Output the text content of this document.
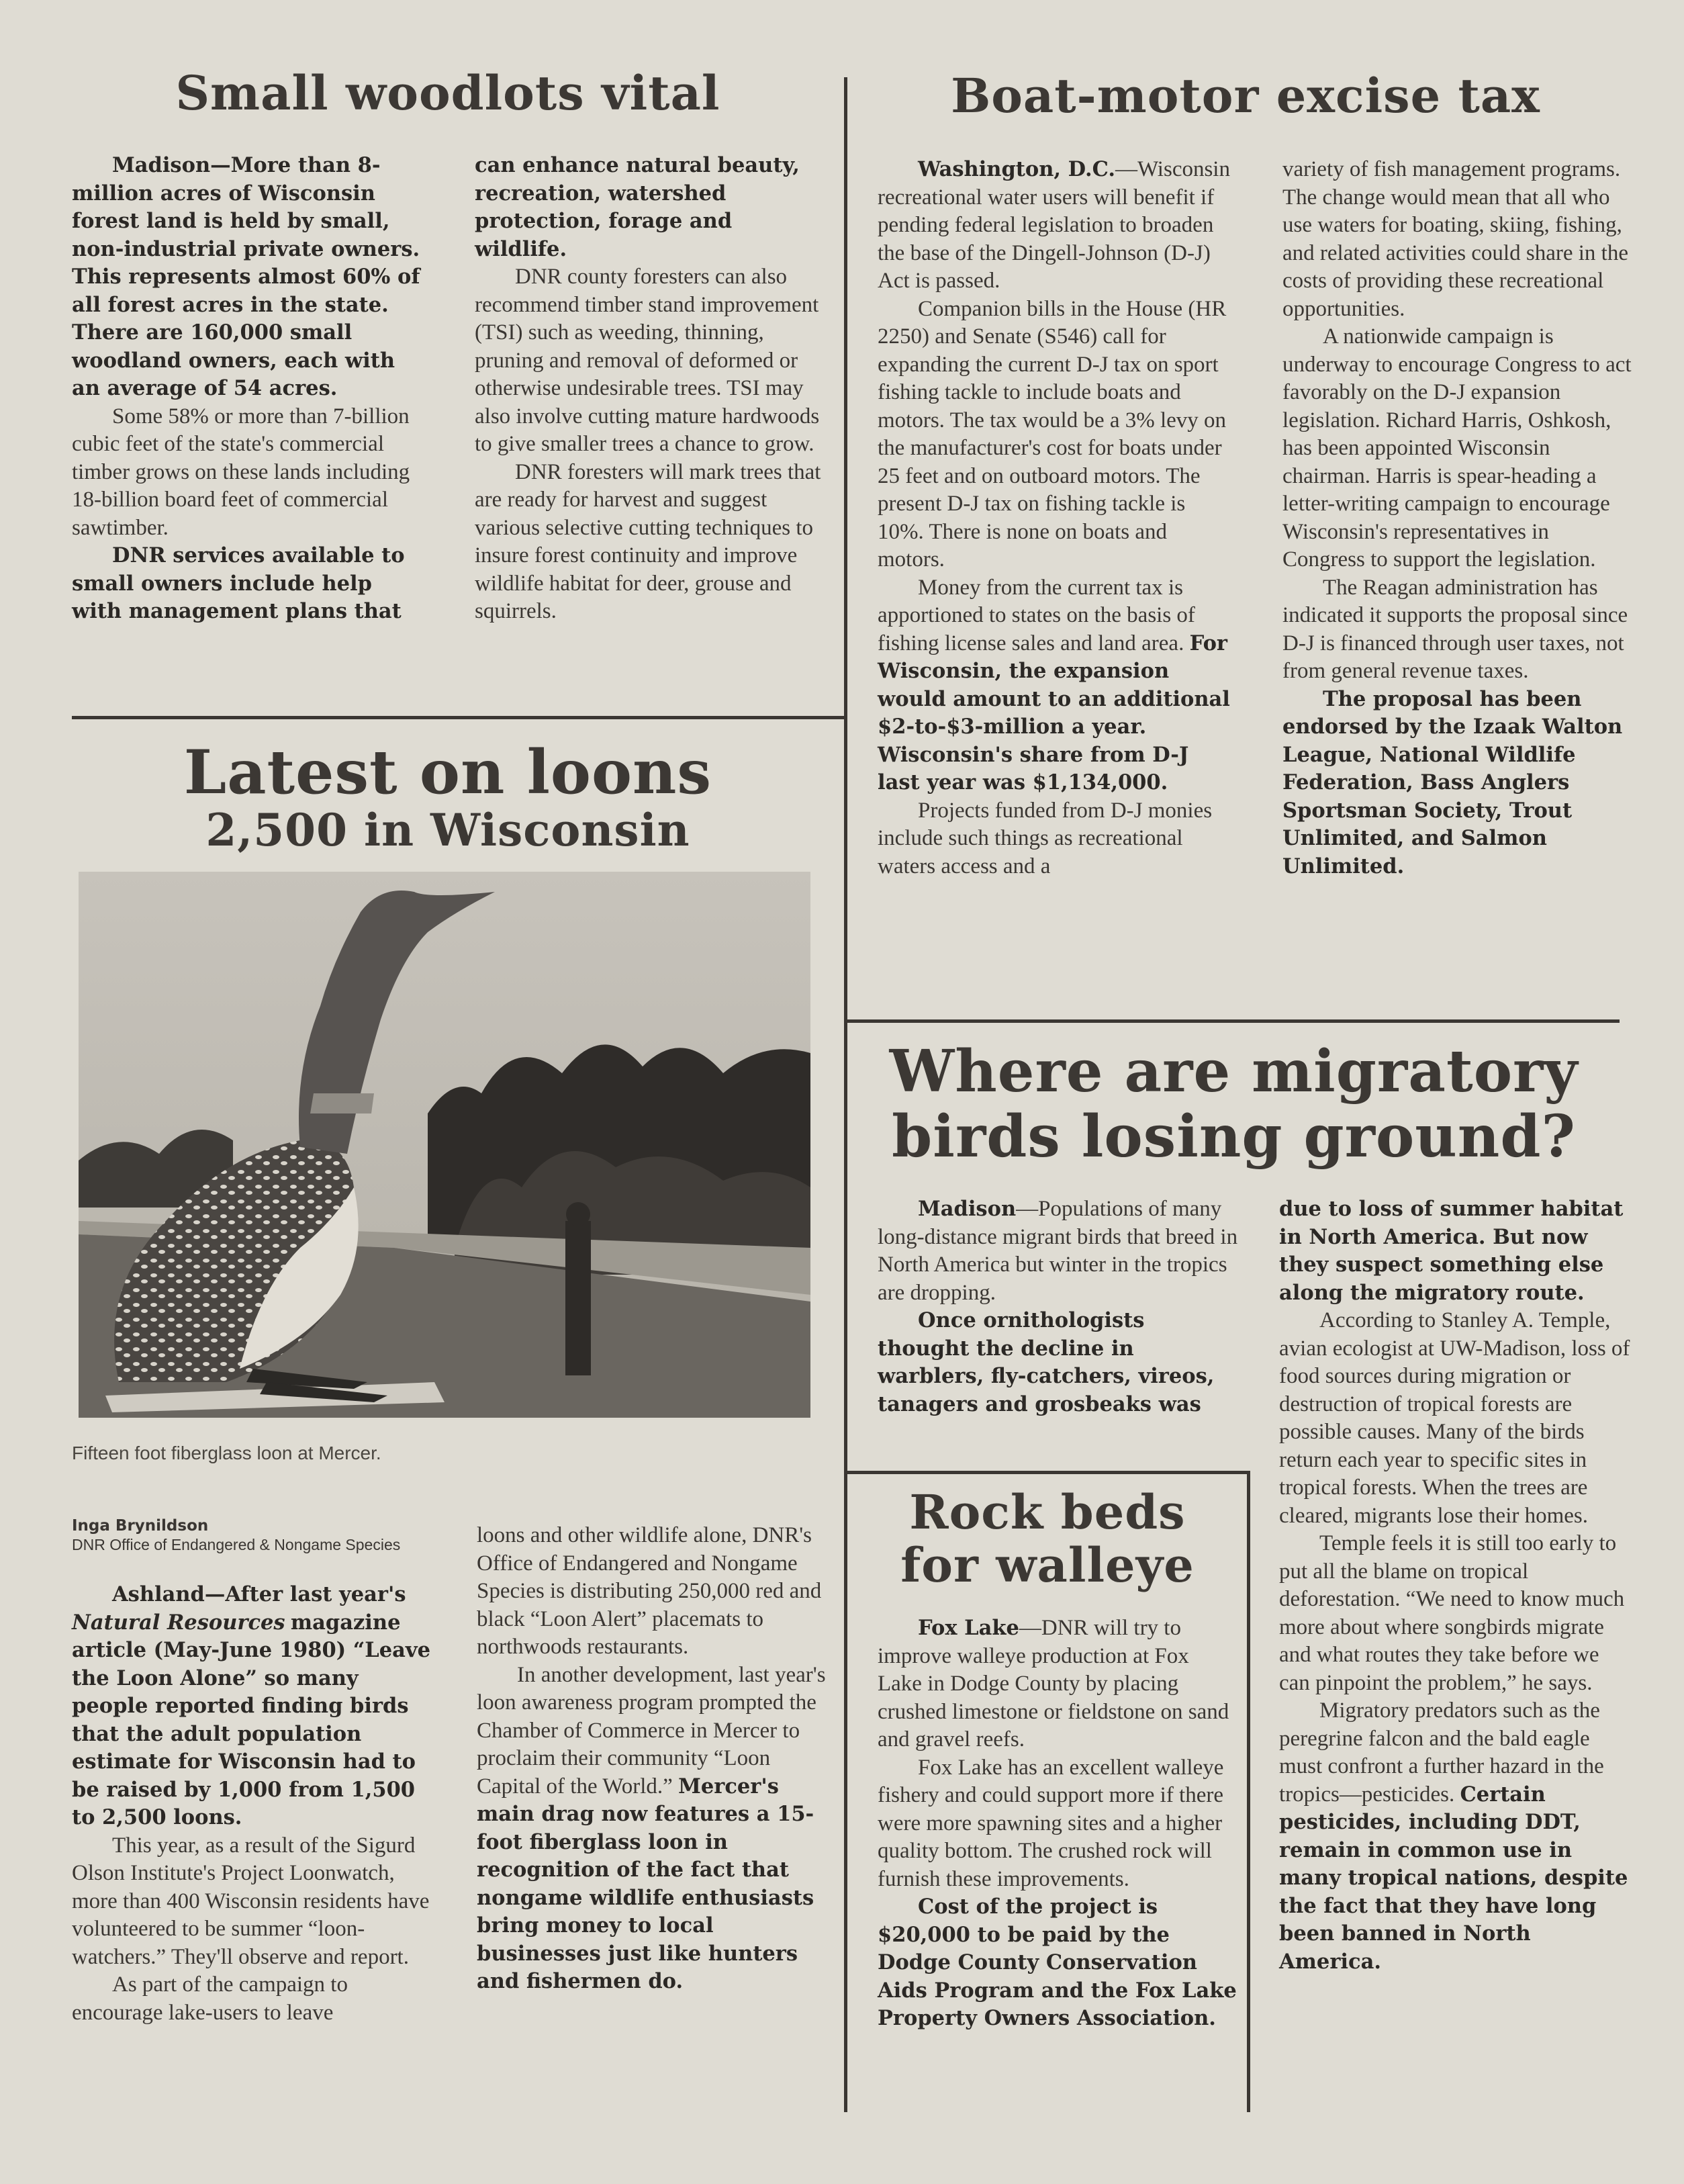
Small woodlots vital

Madison—More than 8-million acres of Wisconsin forest land is held by small, non-industrial private owners. This represents almost 60% of all forest acres in the state. There are 160,000 small woodland owners, each with an average of 54 acres.

Some 58% or more than 7-billion cubic feet of the state's commercial timber grows on these lands including 18-billion board feet of commercial sawtimber.

DNR services available to small owners include help with management plans that

can enhance natural beauty, recreation, watershed protection, forage and wildlife.

DNR county foresters can also recommend timber stand improvement (TSI) such as weeding, thinning, pruning and removal of deformed or otherwise undesirable trees. TSI may also involve cutting mature hardwoods to give smaller trees a chance to grow.

DNR foresters will mark trees that are ready for harvest and suggest various selective cutting techniques to insure forest continuity and improve wildlife habitat for deer, grouse and squirrels.

Boat-motor excise tax

Washington, D.C.—Wisconsin recreational water users will benefit if pending federal legislation to broaden the base of the Dingell-Johnson (D-J) Act is passed.

Companion bills in the House (HR 2250) and Senate (S546) call for expanding the current D-J tax on sport fishing tackle to include boats and motors. The tax would be a 3% levy on the manufacturer's cost for boats under 25 feet and on outboard motors. The present D-J tax on fishing tackle is 10%. There is none on boats and motors.

Money from the current tax is apportioned to states on the basis of fishing license sales and land area. For Wisconsin, the expansion would amount to an additional $2-to-$3-million a year. Wisconsin's share from D-J last year was $1,134,000.

Projects funded from D-J monies include such things as recreational waters access and a

variety of fish management programs. The change would mean that all who use waters for boating, skiing, fishing, and related activities could share in the costs of providing these recreational opportunities.

A nationwide campaign is underway to encourage Congress to act favorably on the D-J expansion legislation. Richard Harris, Oshkosh, has been appointed Wisconsin chairman. Harris is spear-heading a letter-writing campaign to encourage Wisconsin's representatives in Congress to support the legislation.

The Reagan administration has indicated it supports the proposal since D-J is financed through user taxes, not from general revenue taxes.

The proposal has been endorsed by the Izaak Walton League, National Wildlife Federation, Bass Anglers Sportsman Society, Trout Unlimited, and Salmon Unlimited.

Latest on loons
2,500 in Wisconsin
Fifteen foot fiberglass loon at Mercer.
Inga Brynildson
DNR Office of Endangered & Nongame Species

Ashland—After last year's Natural Resources magazine article (May-June 1980) “Leave the Loon Alone” so many people reported finding birds that the adult population estimate for Wisconsin had to be raised by 1,000 from 1,500 to 2,500 loons.

This year, as a result of the Sigurd Olson Institute's Project Loonwatch, more than 400 Wisconsin residents have volunteered to be summer “loon-watchers.” They'll observe and report.

As part of the campaign to encourage lake-users to leave

loons and other wildlife alone, DNR's Office of Endangered and Nongame Species is distributing 250,000 red and black “Loon Alert” placemats to northwoods restaurants.

In another development, last year's loon awareness program prompted the Chamber of Commerce in Mercer to proclaim their community “Loon Capital of the World.” Mercer's main drag now features a 15-foot fiberglass loon in recognition of the fact that nongame wildlife enthusiasts bring money to local businesses just like hunters and fishermen do.

Where are migratory
birds losing ground?

Madison—Populations of many long-distance migrant birds that breed in North America but winter in the tropics are dropping.

Once ornithologists thought the decline in warblers, fly-catchers, vireos, tanagers and grosbeaks was

due to loss of summer habitat in North America. But now they suspect something else along the migratory route.

According to Stanley A. Temple, avian ecologist at UW-Madison, loss of food sources during migration or destruction of tropical forests are possible causes. Many of the birds return each year to specific sites in tropical forests. When the trees are cleared, migrants lose their homes.

Temple feels it is still too early to put all the blame on tropical deforestation. “We need to know much more about where songbirds migrate and what routes they take before we can pinpoint the problem,” he says.

Migratory predators such as the peregrine falcon and the bald eagle must confront a further hazard in the tropics—pesticides. Certain pesticides, including DDT, remain in common use in many tropical nations, despite the fact that they have long been banned in North America.

Rock beds
for walleye

Fox Lake—DNR will try to improve walleye production at Fox Lake in Dodge County by placing crushed limestone or fieldstone on sand and gravel reefs.

Fox Lake has an excellent walleye fishery and could support more if there were more spawning sites and a higher quality bottom. The crushed rock will furnish these improvements.

Cost of the project is $20,000 to be paid by the Dodge County Conservation Aids Program and the Fox Lake Property Owners Association.
